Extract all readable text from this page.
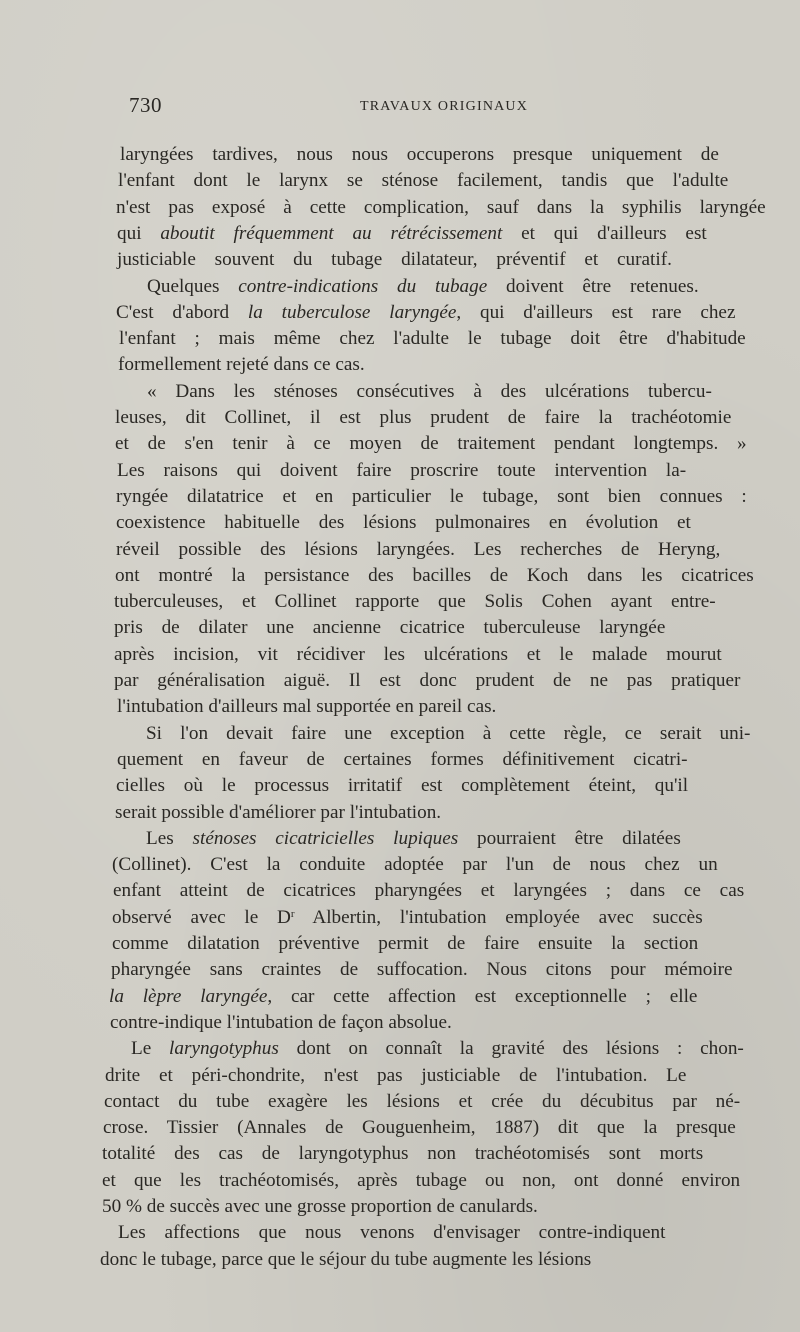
730	TRAVAUX ORIGINAUX
laryngées tardives, nous nous occuperons presque uniquement de
l'enfant dont le larynx se sténose facilement, tandis que l'adulte
n'est pas exposé à cette complication, sauf dans la syphilis laryngée
qui aboutit fréquemment au rétrécissement et qui d'ailleurs est
justiciable souvent du tubage dilatateur, préventif et curatif.
Quelques contre-indications du tubage doivent être retenues.
C'est d'abord la tuberculose laryngée, qui d'ailleurs est rare chez
l'enfant ; mais même chez l'adulte le tubage doit être d'habitude
formellement rejeté dans ce cas.
« Dans les sténoses consécutives à des ulcérations tubercu-
leuses, dit Collinet, il est plus prudent de faire la trachéotomie
et de s'en tenir à ce moyen de traitement pendant longtemps. »
Les raisons qui doivent faire proscrire toute intervention la-
ryngée dilatatrice et en particulier le tubage, sont bien connues :
coexistence habituelle des lésions pulmonaires en évolution et
réveil possible des lésions laryngées. Les recherches de Heryng,
ont montré la persistance des bacilles de Koch dans les cicatrices
tuberculeuses, et Collinet rapporte que Solis Cohen ayant entre-
pris de dilater une ancienne cicatrice tuberculeuse laryngée
après incision, vit récidiver les ulcérations et le malade mourut
par généralisation aiguë. Il est donc prudent de ne pas pratiquer
l'intubation d'ailleurs mal supportée en pareil cas.
Si l'on devait faire une exception à cette règle, ce serait uni-
quement en faveur de certaines formes définitivement cicatri-
cielles où le processus irritatif est complètement éteint, qu'il
serait possible d'améliorer par l'intubation.
Les sténoses cicatricielles lupiques pourraient être dilatées
(Collinet). C'est la conduite adoptée par l'un de nous chez un
enfant atteint de cicatrices pharyngées et laryngées ; dans ce cas
observé avec le $D^r$ Albertin, l'intubation employée avec succès
comme dilatation préventive permit de faire ensuite la section
pharyngée sans craintes de suffocation. Nous citons pour mémoire
la lèpre laryngée, car cette affection est exceptionnelle ; elle
contre-indique l'intubation de façon absolue.
Le laryngotyphus dont on connaît la gravité des lésions : chon-
drite et péri-chondrite, n'est pas justiciable de l'intubation. Le
contact du tube exagère les lésions et crée du décubitus par né-
crose. Tissier (Annales de Gouguenheim, 1887) dit que la presque
totalité des cas de laryngotyphus non trachéotomisés sont morts
et que les trachéotomisés, après tubage ou non, ont donné environ
50 % de succès avec une grosse proportion de canulards.
Les affections que nous venons d'envisager contre-indiquent
donc le tubage, parce que le séjour du tube augmente les lésions
